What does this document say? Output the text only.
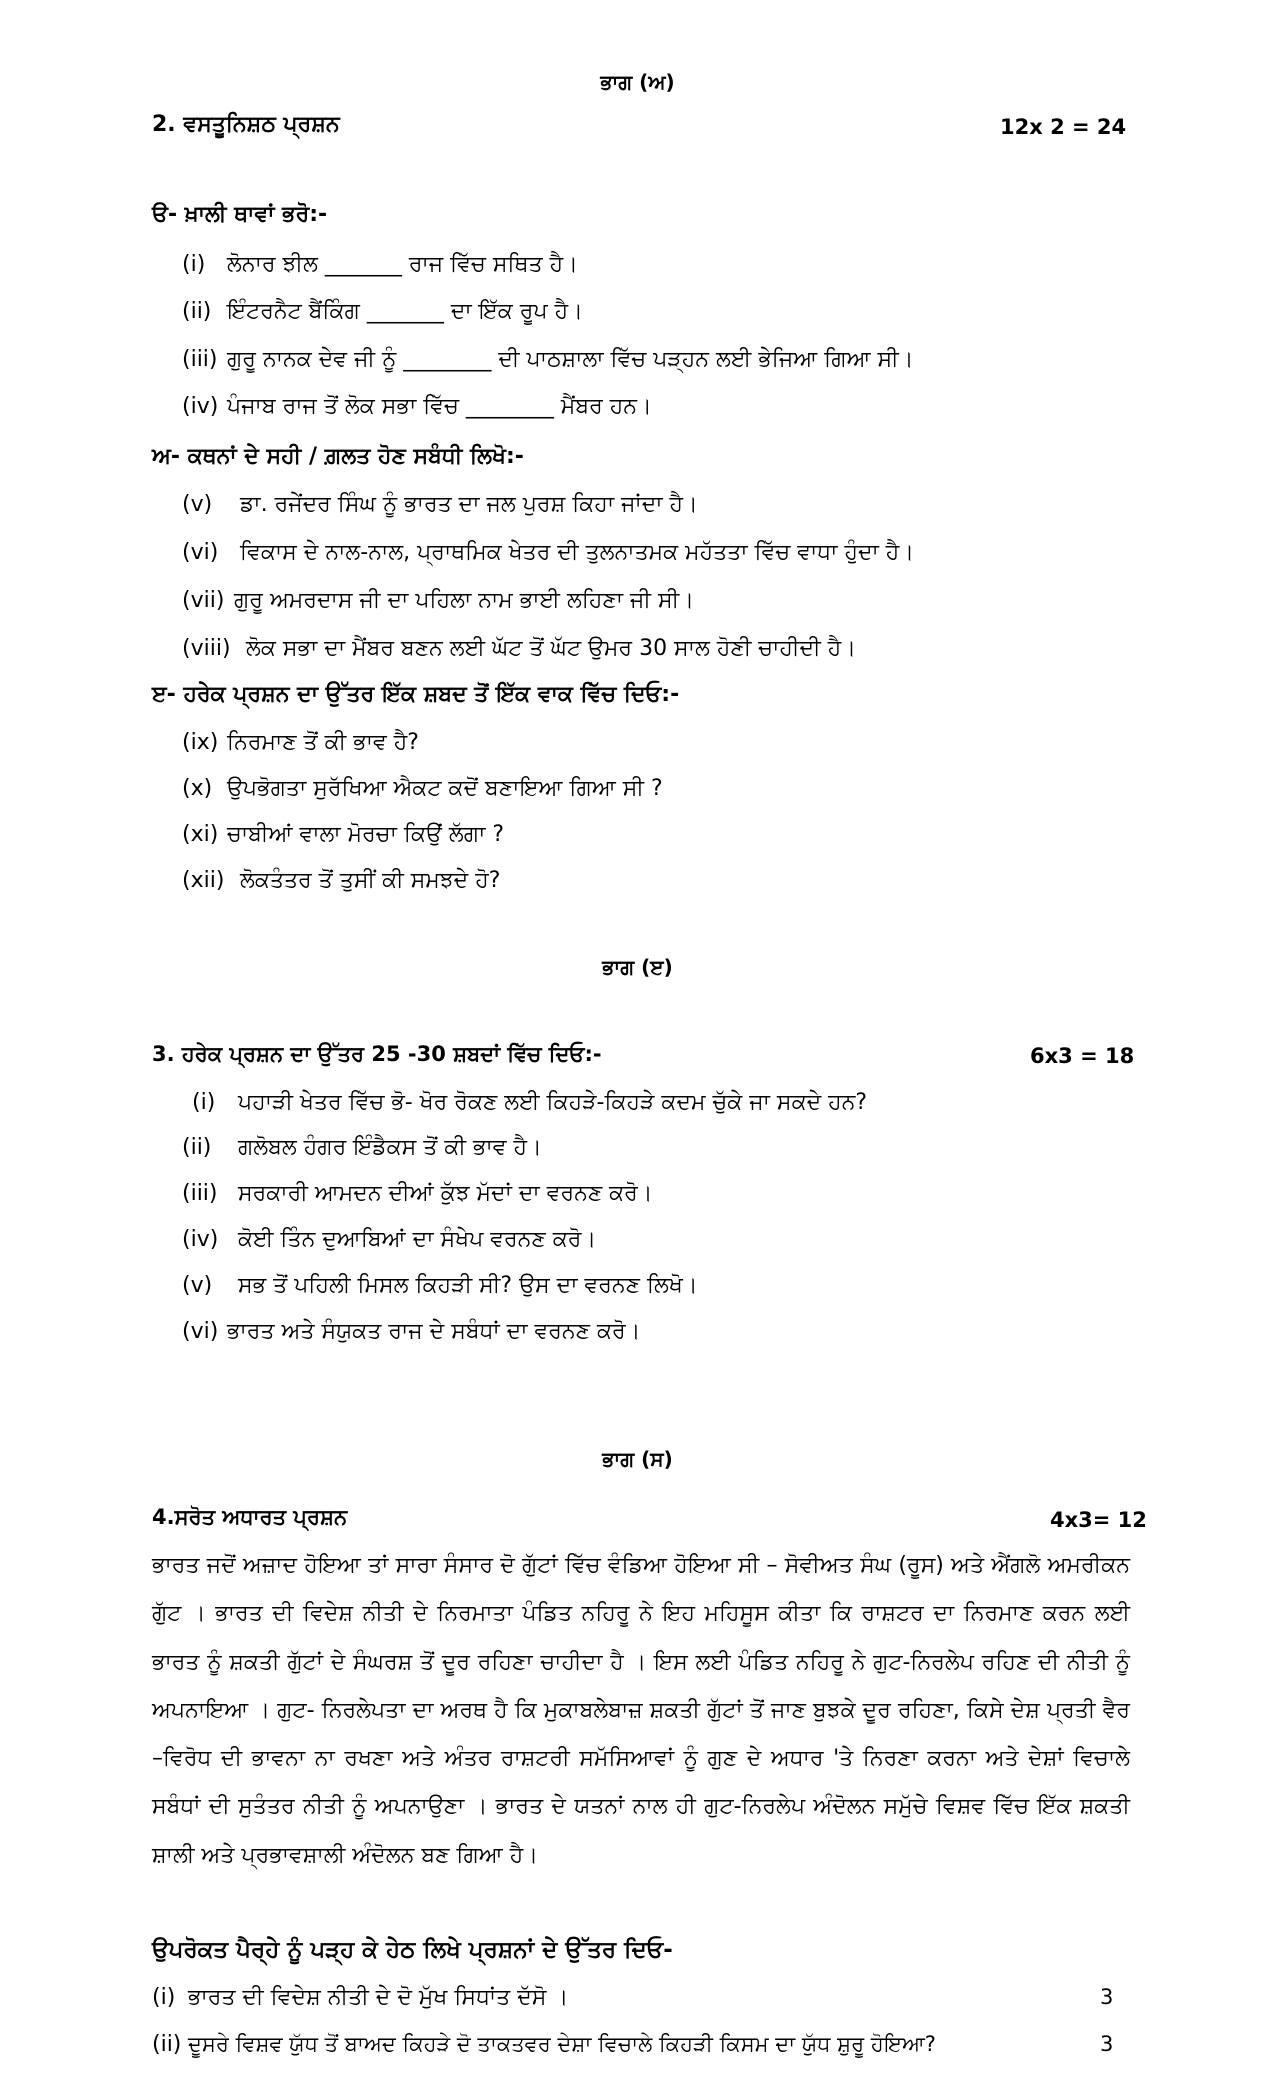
ਭਾਗ (ਅ)
2. ਵਸਤੂਨਿਸ਼ਠ ਪ੍ਰਸ਼ਨ	12x 2 = 24
ੳ- ਖ਼ਾਲੀ ਥਾਵਾਂ ਭਰੋ:-
(i) ਲੋਨਾਰ ਝੀਲ _______ ਰਾਜ ਵਿੱਚ ਸਥਿਤ ਹੈ।
(ii) ਇੰਟਰਨੈਟ ਬੈਂਕਿੰਗ _______ ਦਾ ਇੱਕ ਰੂਪ ਹੈ।
(iii) ਗੁਰੂ ਨਾਨਕ ਦੇਵ ਜੀ ਨੂੰ ________ ਦੀ ਪਾਠਸ਼ਾਲਾ ਵਿੱਚ ਪੜ੍ਹਨ ਲਈ ਭੇਜਿਆ ਗਿਆ ਸੀ।
(iv) ਪੰਜਾਬ ਰਾਜ ਤੋਂ ਲੋਕ ਸਭਾ ਵਿੱਚ ________ ਮੈਂਬਰ ਹਨ।
ਅ- ਕਥਨਾਂ ਦੇ ਸਹੀ / ਗ਼ਲਤ ਹੋਣ ਸਬੰਧੀ ਲਿਖੋ:-
(v) ਡਾ. ਰਜੇਂਦਰ ਸਿੰਘ ਨੂੰ ਭਾਰਤ ਦਾ ਜਲ ਪੁਰਸ਼ ਕਿਹਾ ਜਾਂਦਾ ਹੈ।
(vi) ਵਿਕਾਸ ਦੇ ਨਾਲ-ਨਾਲ, ਪ੍ਰਾਥਮਿਕ ਖੇਤਰ ਦੀ ਤੁਲਨਾਤਮਕ ਮਹੱਤਤਾ ਵਿੱਚ ਵਾਧਾ ਹੁੰਦਾ ਹੈ।
(vii) ਗੁਰੂ ਅਮਰਦਾਸ ਜੀ ਦਾ ਪਹਿਲਾ ਨਾਮ ਭਾਈ ਲਹਿਣਾ ਜੀ ਸੀ।
(viii) ਲੋਕ ਸਭਾ ਦਾ ਮੈਂਬਰ ਬਣਨ ਲਈ ਘੱਟ ਤੋਂ ਘੱਟ ਉਮਰ 30 ਸਾਲ ਹੋਣੀ ਚਾਹੀਦੀ ਹੈ।
ੲ- ਹਰੇਕ ਪ੍ਰਸ਼ਨ ਦਾ ਉੱਤਰ ਇੱਕ ਸ਼ਬਦ ਤੋਂ ਇੱਕ ਵਾਕ ਵਿੱਚ ਦਿਓ:-
(ix) ਨਿਰਮਾਣ ਤੋਂ ਕੀ ਭਾਵ ਹੈ?
(x) ਉਪਭੋਗਤਾ ਸੁਰੱਖਿਆ ਐਕਟ ਕਦੋਂ ਬਣਾਇਆ ਗਿਆ ਸੀ ?
(xi) ਚਾਬੀਆਂ ਵਾਲਾ ਮੋਰਚਾ ਕਿਉਂ ਲੱਗਾ ?
(xii) ਲੋਕਤੰਤਰ ਤੋਂ ਤੁਸੀਂ ਕੀ ਸਮਝਦੇ ਹੋ?
ਭਾਗ (ੲ)
3. ਹਰੇਕ ਪ੍ਰਸ਼ਨ ਦਾ ਉੱਤਰ 25 -30 ਸ਼ਬਦਾਂ ਵਿੱਚ ਦਿਓ:-	6x3 = 18
(i) ਪਹਾੜੀ ਖੇਤਰ ਵਿੱਚ ਭੋ- ਖੋਰ ਰੋਕਣ ਲਈ ਕਿਹੜੇ-ਕਿਹੜੇ ਕਦਮ ਚੁੱਕੇ ਜਾ ਸਕਦੇ ਹਨ?
(ii) ਗਲੋਬਲ ਹੰਗਰ ਇੰਡੈਕਸ ਤੋਂ ਕੀ ਭਾਵ ਹੈ।
(iii) ਸਰਕਾਰੀ ਆਮਦਨ ਦੀਆਂ ਕੁੱਝ ਮੱਦਾਂ ਦਾ ਵਰਨਣ ਕਰੋ।
(iv) ਕੋਈ ਤਿੰਨ ਦੁਆਬਿਆਂ ਦਾ ਸੰਖੇਪ ਵਰਨਣ ਕਰੋ।
(v) ਸਭ ਤੋਂ ਪਹਿਲੀ ਮਿਸਲ ਕਿਹੜੀ ਸੀ? ਉਸ ਦਾ ਵਰਨਣ ਲਿਖੋ।
(vi) ਭਾਰਤ ਅਤੇ ਸੰਯੁਕਤ ਰਾਜ ਦੇ ਸਬੰਧਾਂ ਦਾ ਵਰਨਣ ਕਰੋ।
ਭਾਗ (ਸ)
4.ਸਰੋਤ ਅਧਾਰਤ ਪ੍ਰਸ਼ਨ	4x3= 12
ਭਾਰਤ ਜਦੋਂ ਅਜ਼ਾਦ ਹੋਇਆ ਤਾਂ ਸਾਰਾ ਸੰਸਾਰ ਦੋ ਗੁੱਟਾਂ ਵਿੱਚ ਵੰਡਿਆ ਹੋਇਆ ਸੀ – ਸੋਵੀਅਤ ਸੰਘ (ਰੂਸ) ਅਤੇ ਐਂਗਲੋ ਅਮਰੀਕਨ ਗੁੱਟ । ਭਾਰਤ ਦੀ ਵਿਦੇਸ਼ ਨੀਤੀ ਦੇ ਨਿਰਮਾਤਾ ਪੰਡਿਤ ਨਹਿਰੂ ਨੇ ਇਹ ਮਹਿਸੂਸ ਕੀਤਾ ਕਿ ਰਾਸ਼ਟਰ ਦਾ ਨਿਰਮਾਣ ਕਰਨ ਲਈ ਭਾਰਤ ਨੂੰ ਸ਼ਕਤੀ ਗੁੱਟਾਂ ਦੇ ਸੰਘਰਸ਼ ਤੋਂ ਦੂਰ ਰਹਿਣਾ ਚਾਹੀਦਾ ਹੈ । ਇਸ ਲਈ ਪੰਡਿਤ ਨਹਿਰੂ ਨੇ ਗੁਟ-ਨਿਰਲੇਪ ਰਹਿਣ ਦੀ ਨੀਤੀ ਨੂੰ ਅਪਨਾਇਆ । ਗੁਟ- ਨਿਰਲੇਪਤਾ ਦਾ ਅਰਥ ਹੈ ਕਿ ਮੁਕਾਬਲੇਬਾਜ਼ ਸ਼ਕਤੀ ਗੁੱਟਾਂ ਤੋਂ ਜਾਣ ਬੁਝਕੇ ਦੂਰ ਰਹਿਣਾ, ਕਿਸੇ ਦੇਸ਼ ਪ੍ਰਤੀ ਵੈਰ –ਵਿਰੋਧ ਦੀ ਭਾਵਨਾ ਨਾ ਰਖਣਾ ਅਤੇ ਅੰਤਰ ਰਾਸ਼ਟਰੀ ਸਮੱਸਿਆਵਾਂ ਨੂੰ ਗੁਣ ਦੇ ਅਧਾਰ 'ਤੇ ਨਿਰਣਾ ਕਰਨਾ ਅਤੇ ਦੇਸ਼ਾਂ ਵਿਚਾਲੇ ਸਬੰਧਾਂ ਦੀ ਸੁਤੰਤਰ ਨੀਤੀ ਨੂੰ ਅਪਨਾਉਣਾ । ਭਾਰਤ ਦੇ ਯਤਨਾਂ ਨਾਲ ਹੀ ਗੁਟ-ਨਿਰਲੇਪ ਅੰਦੋਲਨ ਸਮੁੱਚੇ ਵਿਸ਼ਵ ਵਿੱਚ ਇੱਕ ਸ਼ਕਤੀ ਸ਼ਾਲੀ ਅਤੇ ਪ੍ਰਭਾਵਸ਼ਾਲੀ ਅੰਦੋਲਨ ਬਣ ਗਿਆ ਹੈ।
ਉਪਰੋਕਤ ਪੈਰ੍ਹੇ ਨੂੰ ਪੜ੍ਹ ਕੇ ਹੇਠ ਲਿਖੇ ਪ੍ਰਸ਼ਨਾਂ ਦੇ ਉੱਤਰ ਦਿਓ-
(i) ਭਾਰਤ ਦੀ ਵਿਦੇਸ਼ ਨੀਤੀ ਦੇ ਦੋ ਮੁੱਖ ਸਿਧਾਂਤ ਦੱਸੋ ।	3
(ii) ਦੂਸਰੇ ਵਿਸ਼ਵ ਯੁੱਧ ਤੋਂ ਬਾਅਦ ਕਿਹੜੇ ਦੋ ਤਾਕਤਵਰ ਦੇਸ਼ਾ ਵਿਚਾਲੇ ਕਿਹੜੀ ਕਿਸਮ ਦਾ ਯੁੱਧ ਸ਼ੁਰੂ ਹੋਇਆ?	3
